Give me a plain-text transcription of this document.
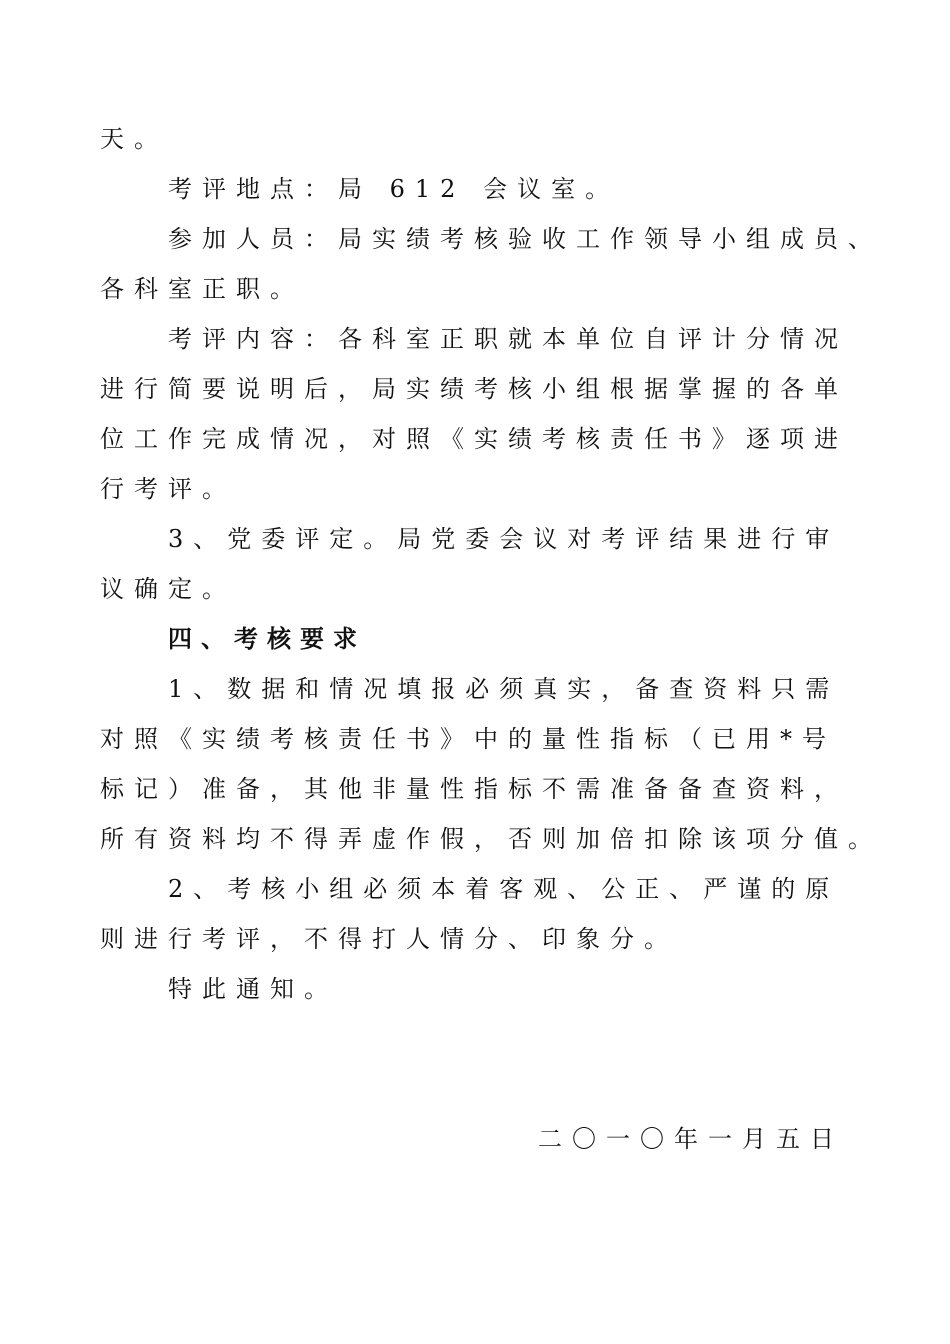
天。
考评地点：局 612 会议室。
参加人员：局实绩考核验收工作领导小组成员、
各科室正职。
考评内容：各科室正职就本单位自评计分情况
进行简要说明后，局实绩考核小组根据掌握的各单
位工作完成情况，对照《实绩考核责任书》逐项进
行考评。
3、党委评定。局党委会议对考评结果进行审
议确定。
四、考核要求
1、数据和情况填报必须真实，备查资料只需
对照《实绩考核责任书》中的量性指标（已用*号
标记）准备，其他非量性指标不需准备备查资料，
所有资料均不得弄虚作假，否则加倍扣除该项分值。
2、考核小组必须本着客观、公正、严谨的原
则进行考评，不得打人情分、印象分。
特此通知。
二〇一〇年一月五日
